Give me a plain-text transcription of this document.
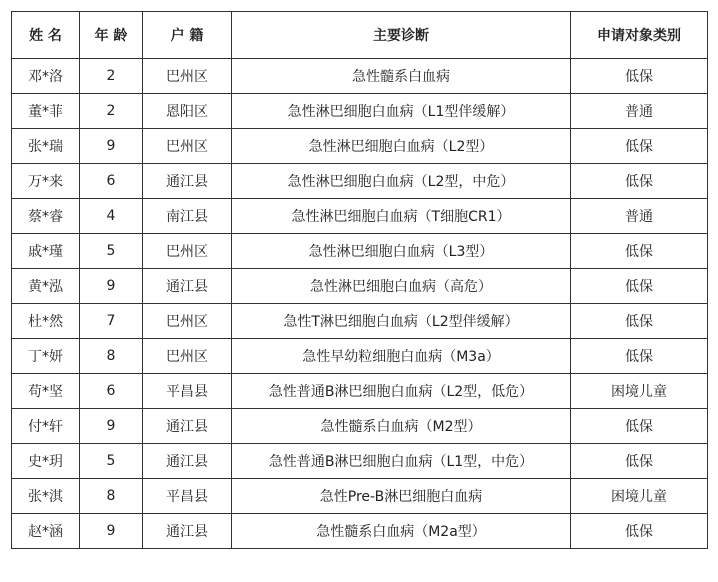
姓 名	年 龄	户 籍	主要诊断	申请对象类别
邓*洛	2	巴州区	急性髓系白血病	低保
董*菲	2	恩阳区	急性淋巴细胞白血病（L1型伴缓解）	普通
张*瑞	9	巴州区	急性淋巴细胞白血病（L2型）	低保
万*来	6	通江县	急性淋巴细胞白血病（L2型，中危）	低保
蔡*睿	4	南江县	急性淋巴细胞白血病（T细胞CR1）	普通
戚*瑾	5	巴州区	急性淋巴细胞白血病（L3型）	低保
黄*泓	9	通江县	急性淋巴细胞白血病（高危）	低保
杜*然	7	巴州区	急性T淋巴细胞白血病（L2型伴缓解）	低保
丁*妍	8	巴州区	急性早幼粒细胞白血病（M3a）	低保
苟*坚	6	平昌县	急性普通B淋巴细胞白血病（L2型，低危）	困境儿童
付*轩	9	通江县	急性髓系白血病（M2型）	低保
史*玥	5	通江县	急性普通B淋巴细胞白血病（L1型，中危）	低保
张*淇	8	平昌县	急性Pre-B淋巴细胞白血病	困境儿童
赵*涵	9	通江县	急性髓系白血病（M2a型）	低保
